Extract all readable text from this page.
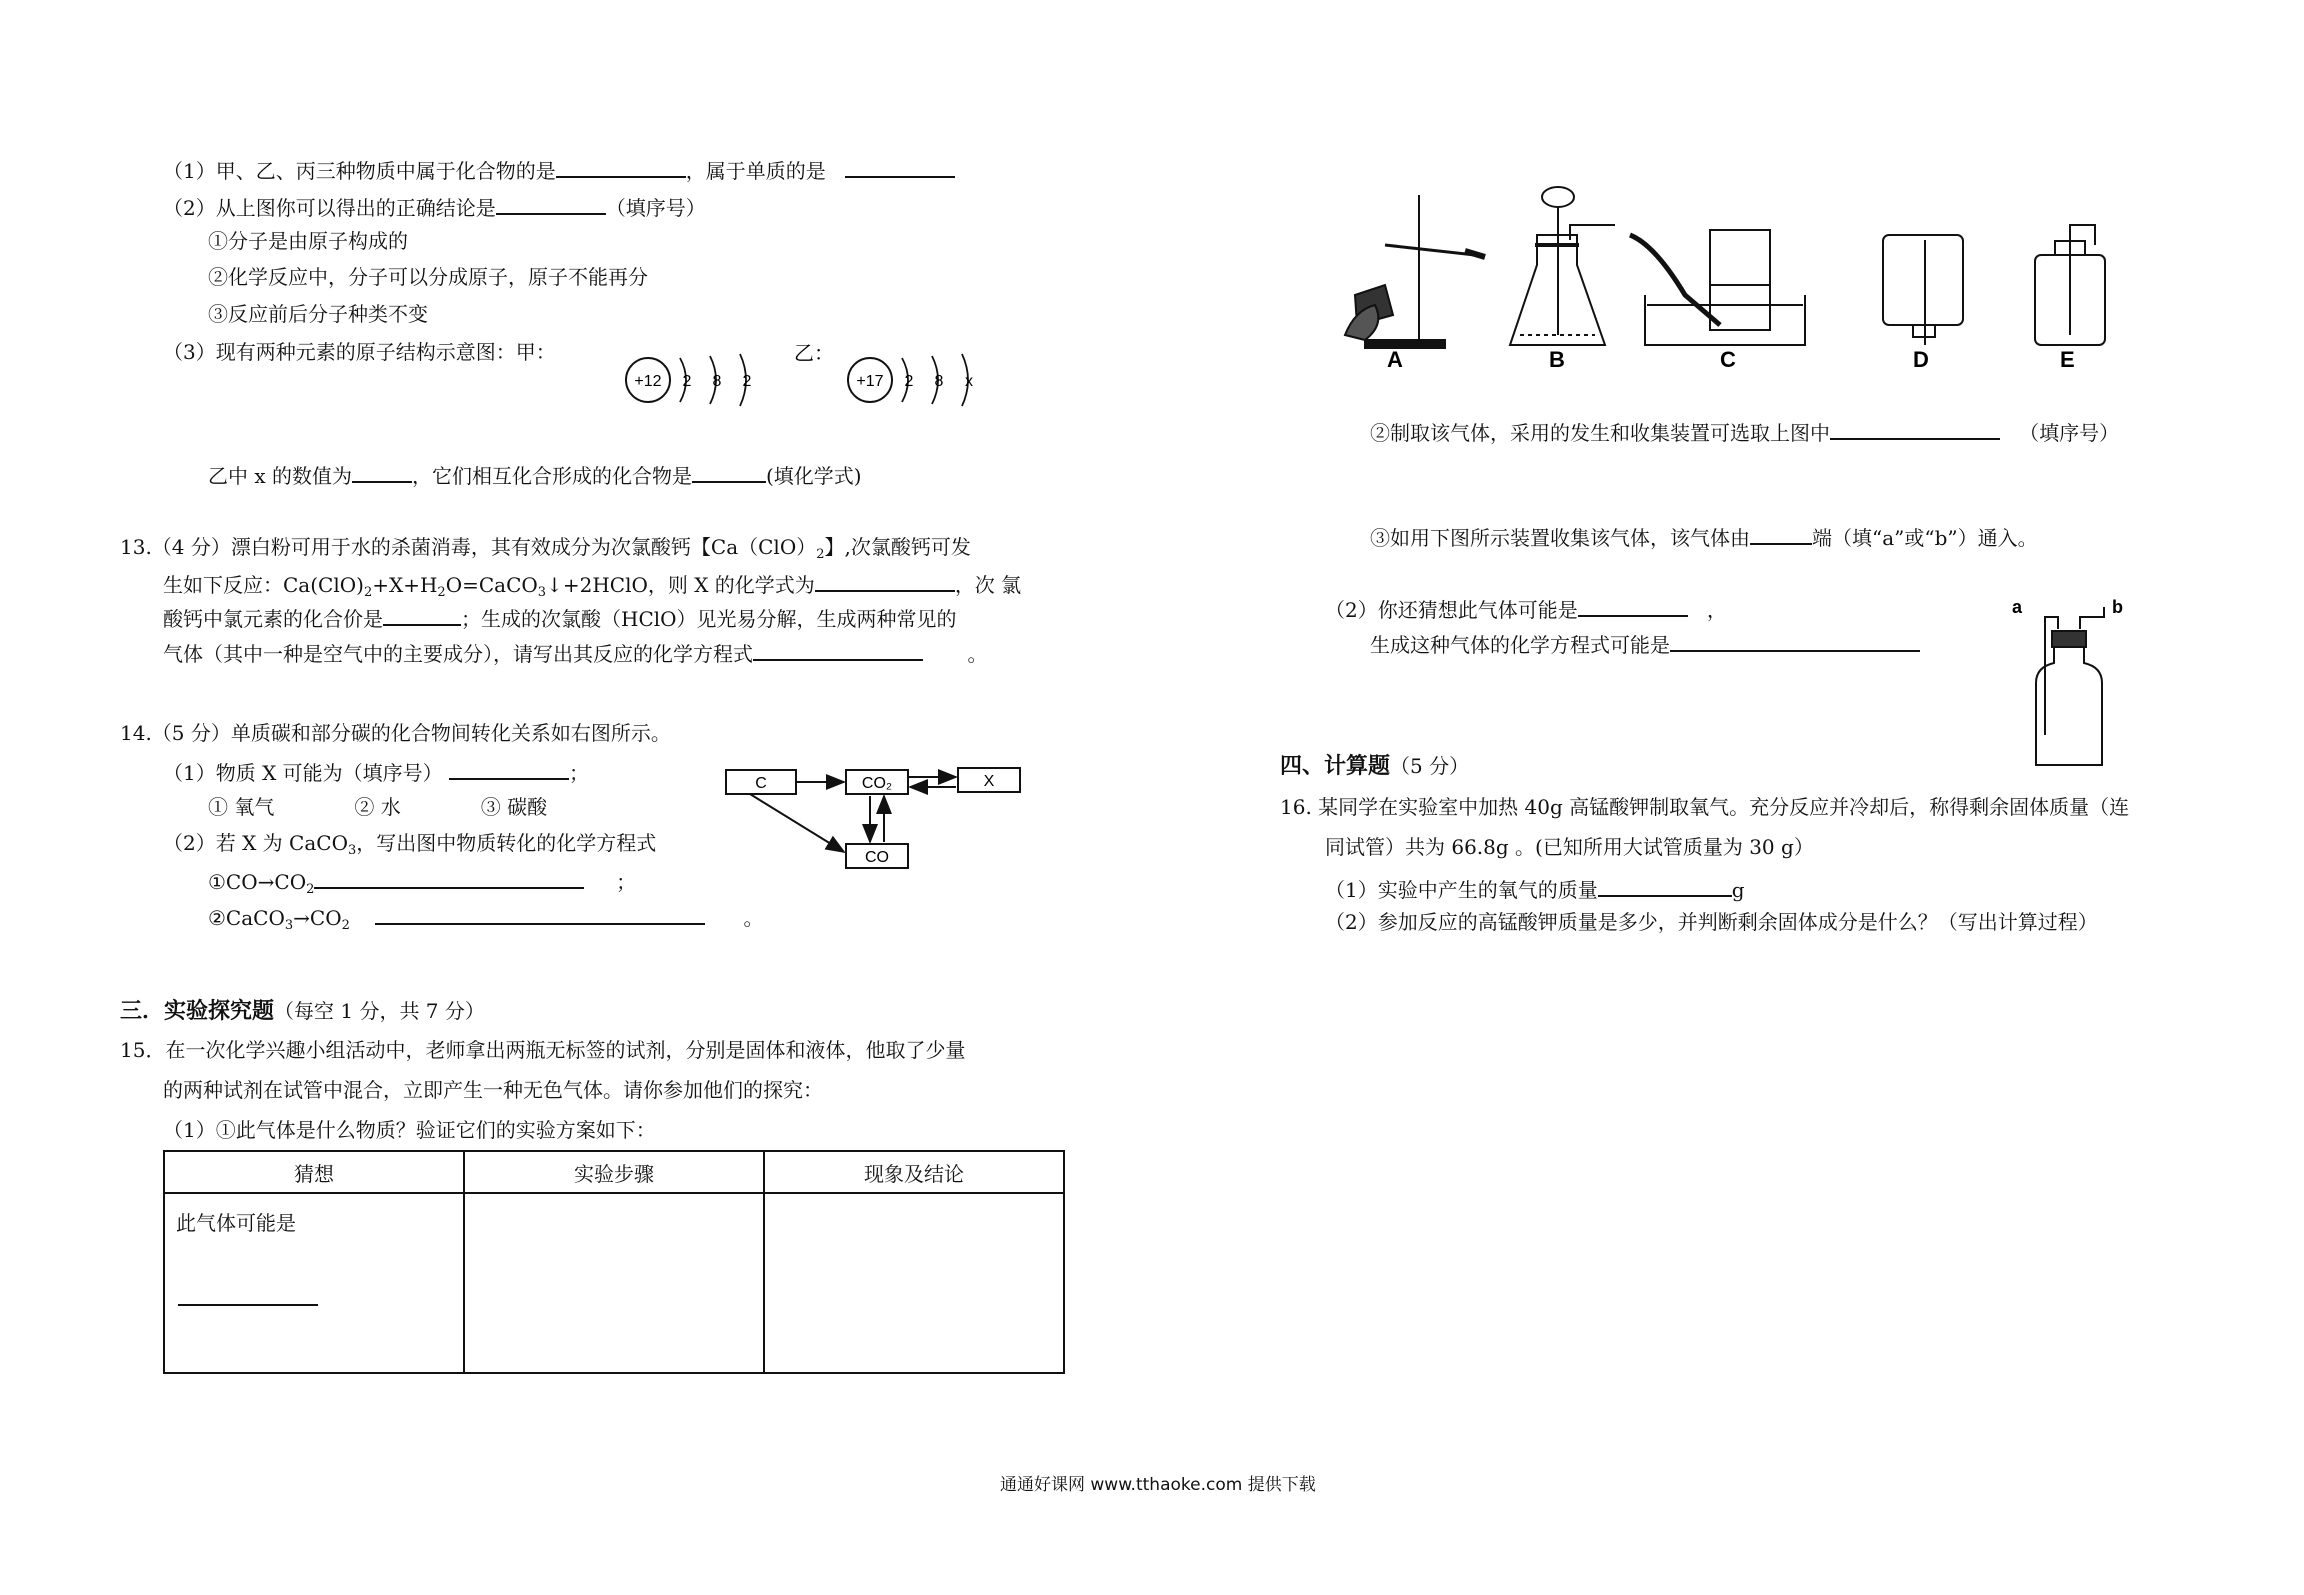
（1）甲、乙、丙三种物质中属于化合物的是	，属于单质的是
（2）从上图你可以得出的正确结论是	（填序号）
①分子是由原子构成的
②化学反应中，分子可以分成原子，原子不能再分
③反应前后分子种类不变
（3）现有两种元素的原子结构示意图：甲：
+12 2 8 2
乙：
+17 2 8 x
乙中 x 的数值为	，它们相互化合形成的化合物是	(填化学式)
13.（4 分）漂白粉可用于水的杀菌消毒，其有效成分为次氯酸钙【$Ca(ClO)_2$】,次氯酸钙可发
生如下反应：$Ca(ClO)_2+X+H_2O=CaCO_3↓+2HClO$，则 X 的化学式为	，次 氯
酸钙中氯元素的化合价是	；生成的次氯酸（HClO）见光易分解，生成两种常见的
气体（其中一种是空气中的主要成分），请写出其反应的化学方程式	。
14.（5 分）单质碳和部分碳的化合物间转化关系如右图所示。
（1）物质 X 可能为（填序号）	；
① 氧气	② 水	③ 碳酸
（2）若 X 为 CaCO$_3$，写出图中物质转化的化学方程式
$①CO\to CO_2$	；
$②CaCO_3\to CO_2$	。
C	CO₂	X
CO
三．实验探究题（每空 1 分，共 7 分）
15．在一次化学兴趣小组活动中，老师拿出两瓶无标签的试剂，分别是固体和液体，他取了少量
的两种试剂在试管中混合，立即产生一种无色气体。请你参加他们的探究：
（1）①此气体是什么物质？验证它们的实验方案如下：
猜想	实验步骤	现象及结论

此气体可能是		

A	B	C	D	E
②制取该气体，采用的发生和收集装置可选取上图中	（填序号）
③如用下图所示装置收集该气体，该气体由	端（填“a”或“b”）通入。
（2）你还猜想此气体可能是	，
生成这种气体的化学方程式可能是
a	b
四、计算题（5 分）
16. 某同学在实验室中加热 40g 高锰酸钾制取氧气。充分反应并冷却后，称得剩余固体质量（连
同试管）共为 66.8g 。(已知所用大试管质量为 30 g）
（1）实验中产生的氧气的质量	g
（2）参加反应的高锰酸钾质量是多少，并判断剩余固体成分是什么？（写出计算过程）
通通好课网 www.tthaoke.com 提供下载
